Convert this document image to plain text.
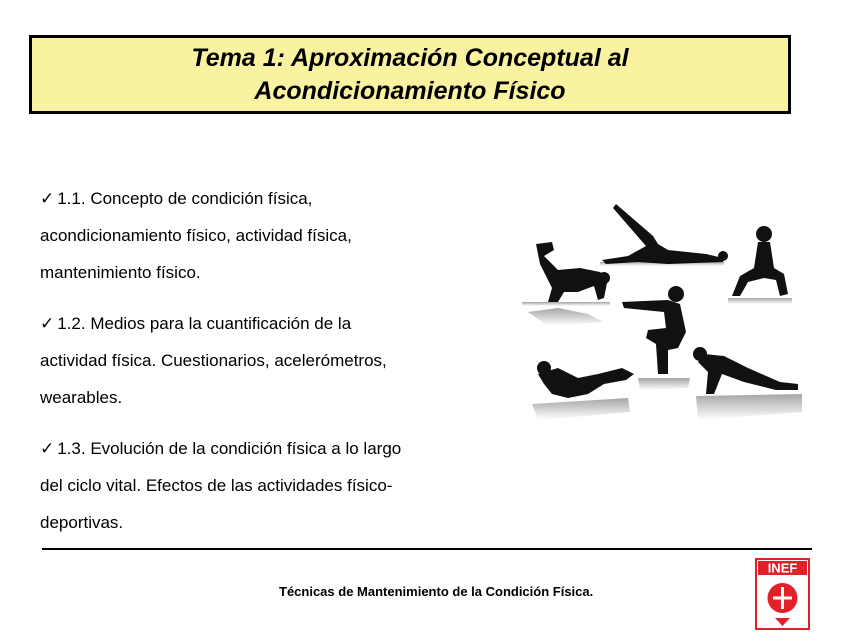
Tema 1: Aproximación Conceptual al
Acondicionamiento Físico
✓ 1.1. Concepto de condición física,
acondicionamiento físico, actividad física,
mantenimiento físico.
✓ 1.2. Medios para la cuantificación de la
actividad física. Cuestionarios, acelerómetros,
wearables.
✓ 1.3. Evolución de la condición física a lo largo
del ciclo vital. Efectos de las actividades físico-
deportivas.
Técnicas de Mantenimiento de la Condición Física.
INEF
